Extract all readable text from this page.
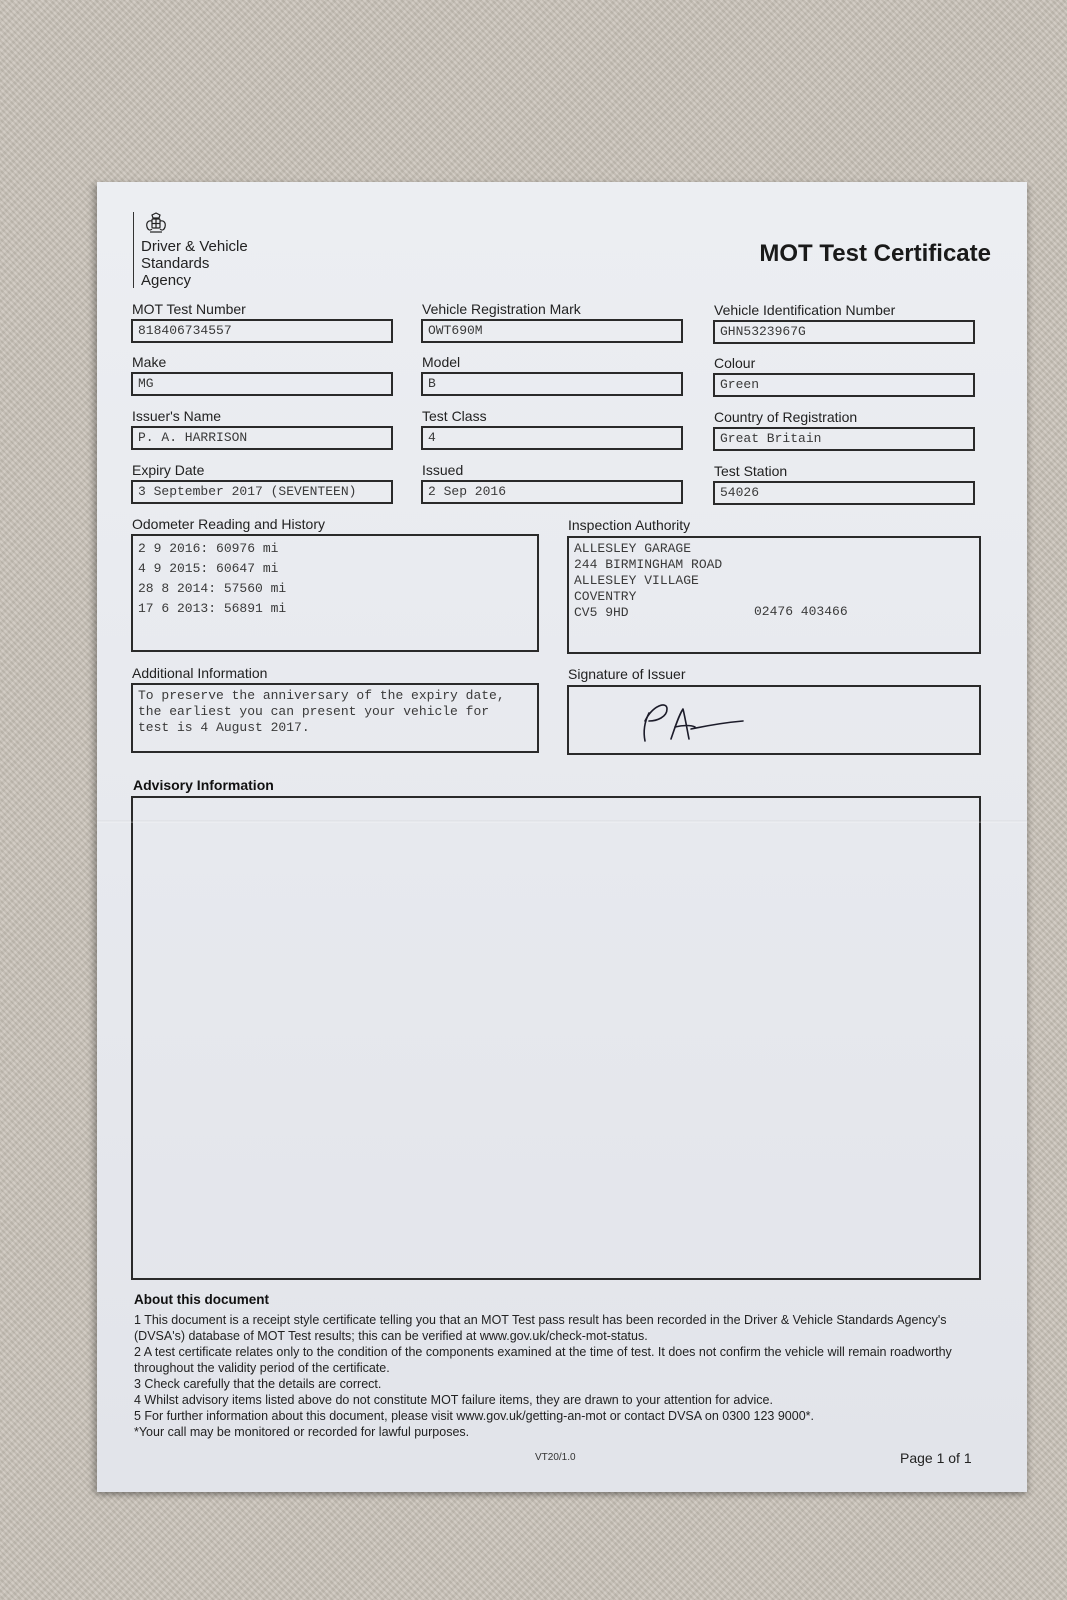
Driver & Vehicle
Standards
Agency
MOT Test Certificate
MOT Test Number
818406734557
Vehicle Registration Mark
OWT690M
Vehicle Identification Number
GHN5323967G
Make
MG
Model
B
Colour
Green
Issuer's Name
P. A. HARRISON
Test Class
4
Country of Registration
Great Britain
Expiry Date
3 September 2017 (SEVENTEEN)
Issued
2 Sep 2016
Test Station
54026
Odometer Reading and History
2 9 2016: 60976 mi
4 9 2015: 60647 mi
28 8 2014: 57560 mi
17 6 2013: 56891 mi
Inspection Authority
ALLESLEY GARAGE
244 BIRMINGHAM ROAD
ALLESLEY VILLAGE
COVENTRY
CV5 9HD	02476 403466
Additional Information
To preserve the anniversary of the expiry date,
the earliest you can present your vehicle for
test is 4 August 2017.
Signature of Issuer
Advisory Information
About this document
1 This document is a receipt style certificate telling you that an MOT Test pass result has been recorded in the Driver & Vehicle Standards Agency's (DVSA's) database of MOT Test results; this can be verified at www.gov.uk/check-mot-status.
2 A test certificate relates only to the condition of the components examined at the time of test. It does not confirm the vehicle will remain roadworthy throughout the validity period of the certificate.
3 Check carefully that the details are correct.
4 Whilst advisory items listed above do not constitute MOT failure items, they are drawn to your attention for advice.
5 For further information about this document, please visit www.gov.uk/getting-an-mot or contact DVSA on 0300 123 9000*.
*Your call may be monitored or recorded for lawful purposes.
VT20/1.0	Page 1 of 1
